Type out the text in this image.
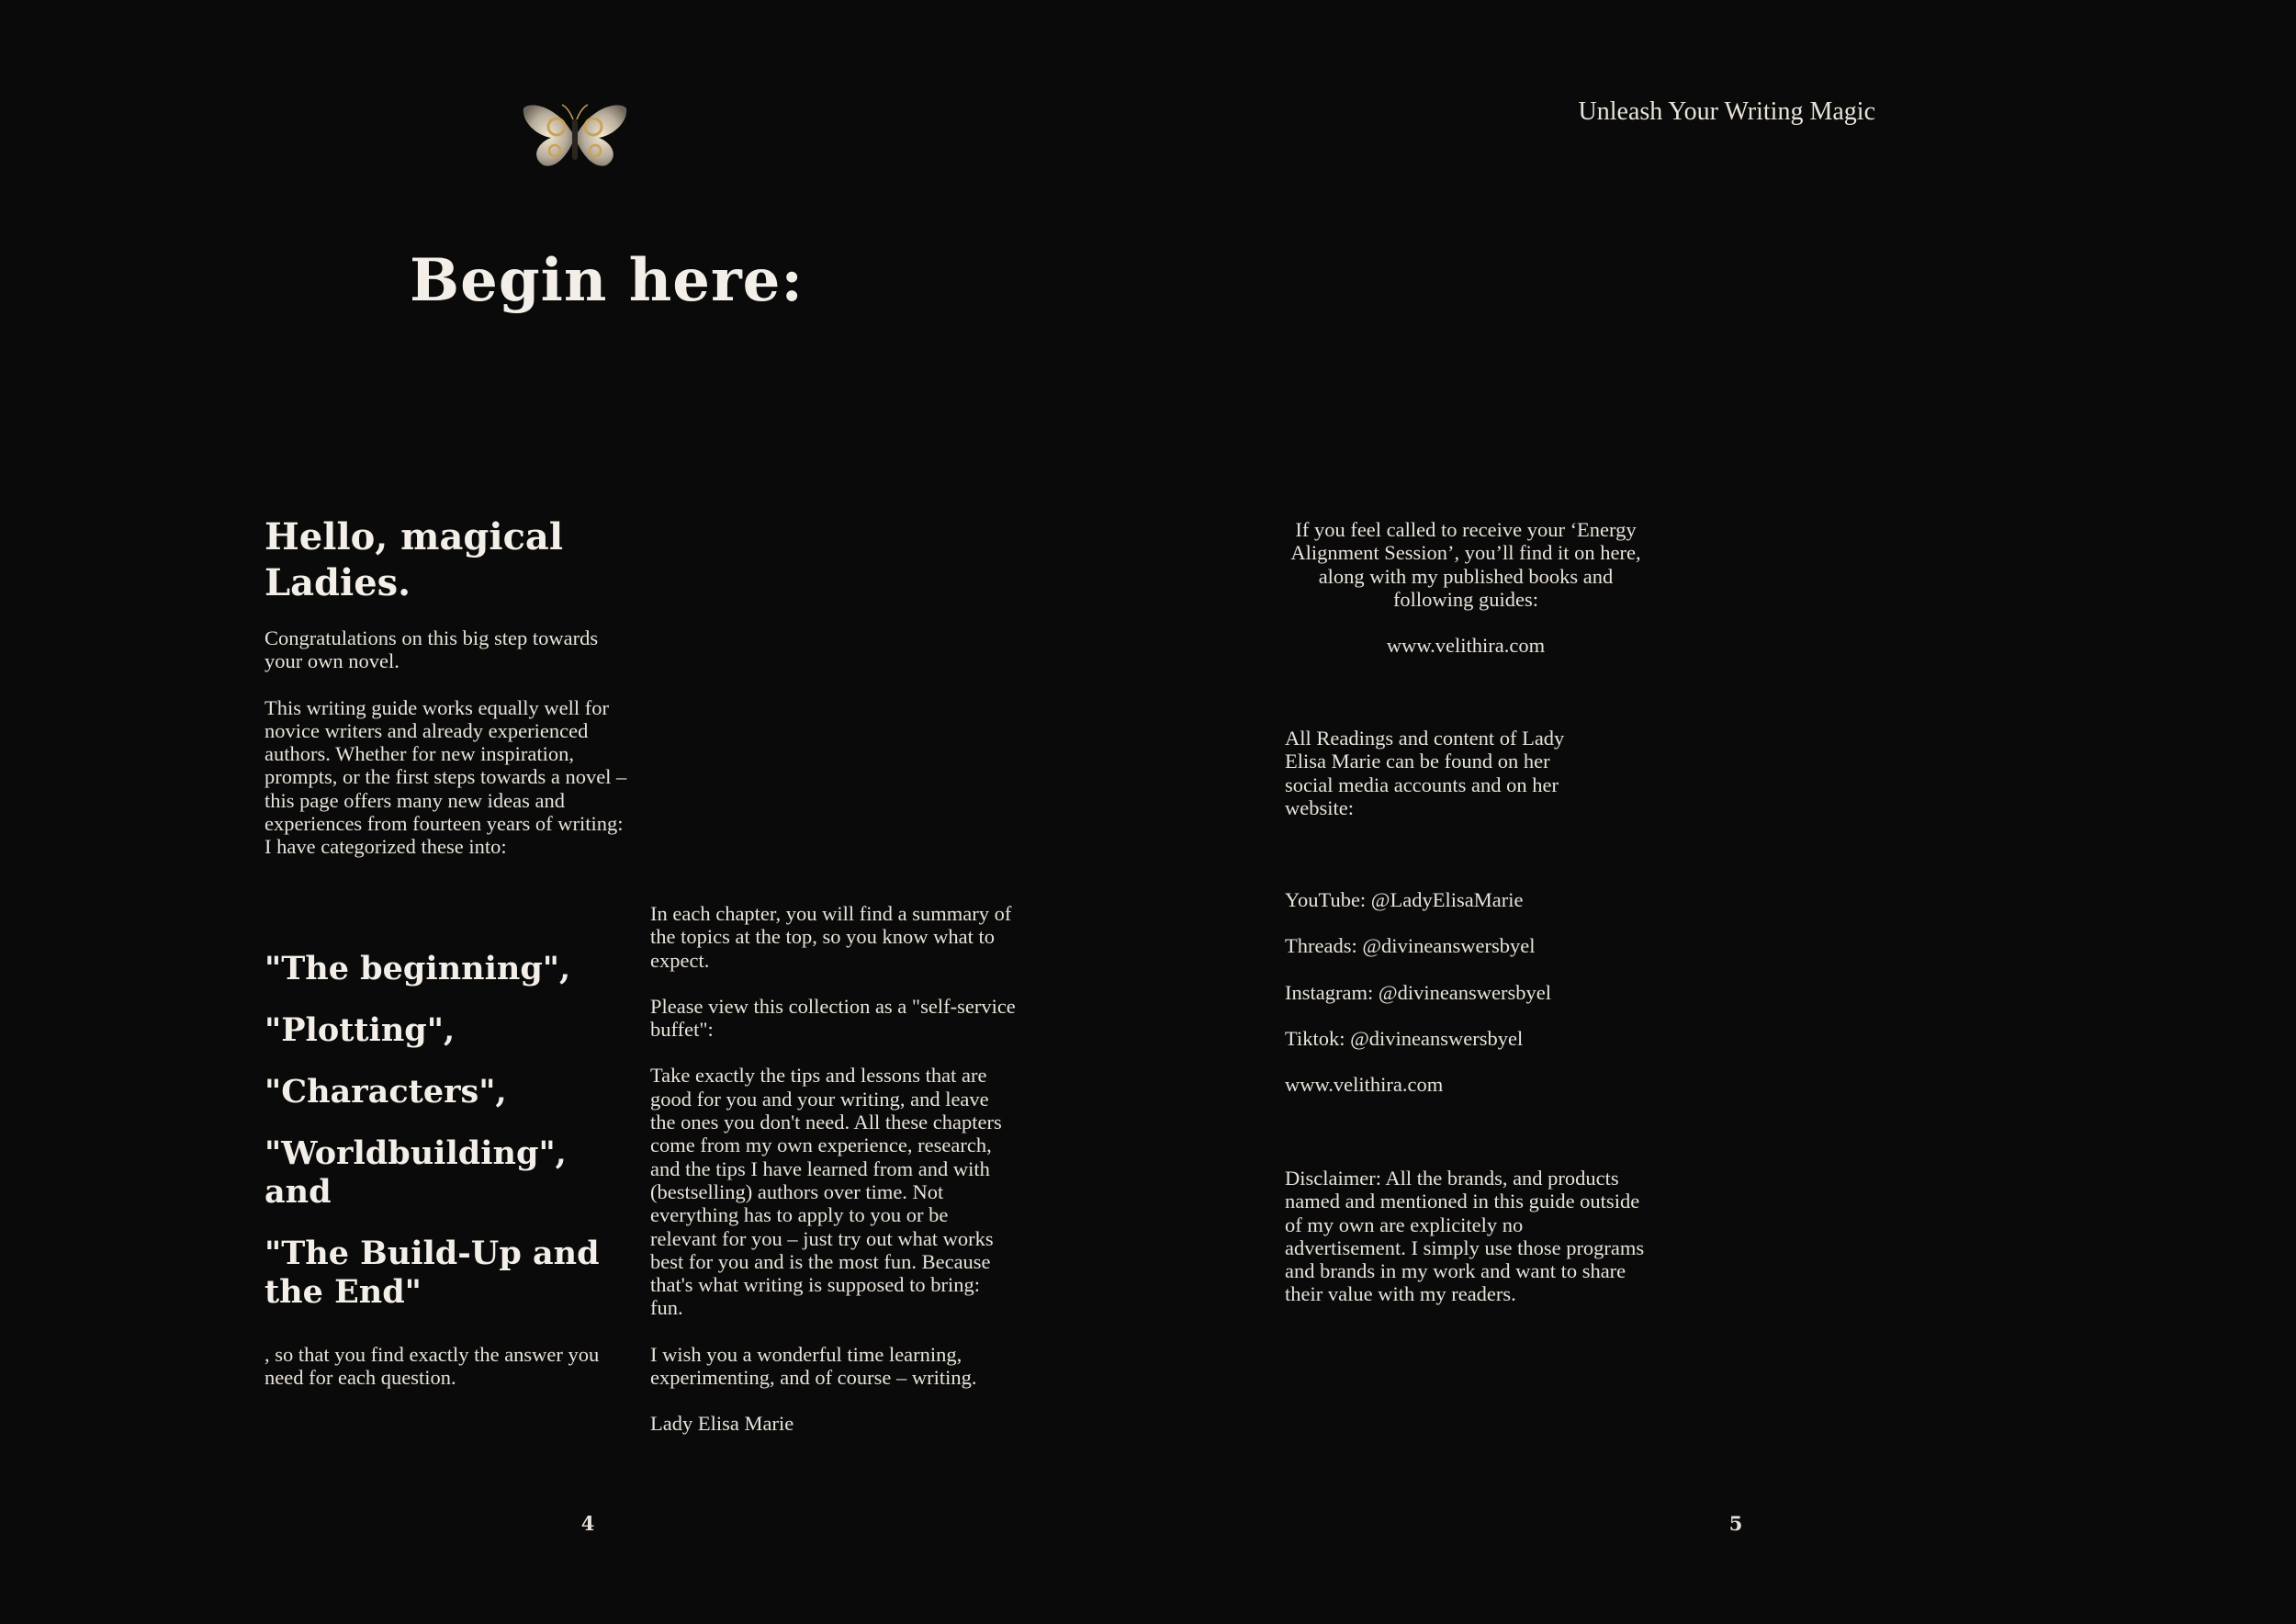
Unleash Your Writing Magic
Begin here:
Hello, magical Ladies.

Congratulations on this big step towards your own novel.

This writing guide works equally well for novice writers and already experienced authors. Whether for new inspiration, prompts, or the first steps towards a novel – this page offers many new ideas and experiences from fourteen years of writing: I have categorized these into:

"The beginning",

"Plotting",

"Characters",

"Worldbuilding", and

"The Build-Up and the End"

, so that you find exactly the answer you need for each question.

In each chapter, you will find a summary of the topics at the top, so you know what to expect.

Please view this collection as a "self-service buffet":

Take exactly the tips and lessons that are good for you and your writing, and leave the ones you don't need. All these chapters come from my own experience, research, and the tips I have learned from and with (bestselling) authors over time. Not everything has to apply to you or be relevant for you – just try out what works best for you and is the most fun. Because that's what writing is supposed to bring: fun.

I wish you a wonderful time learning, experimenting, and of course – writing.

Lady Elisa Marie

4

If you feel called to receive your ‘Energy Alignment Session’, you’ll find it on here, along with my published books and following guides:

www.velithira.com

All Readings and content of Lady Elisa Marie can be found on her social media accounts and on her website:

YouTube: @LadyElisaMarie

Threads: @divineanswersbyel

Instagram: @divineanswersbyel

Tiktok: @divineanswersbyel

www.velithira.com

Disclaimer: All the brands, and products named and mentioned in this guide outside of my own are explicitely no advertisement. I simply use those programs and brands in my work and want to share their value with my readers.
5
